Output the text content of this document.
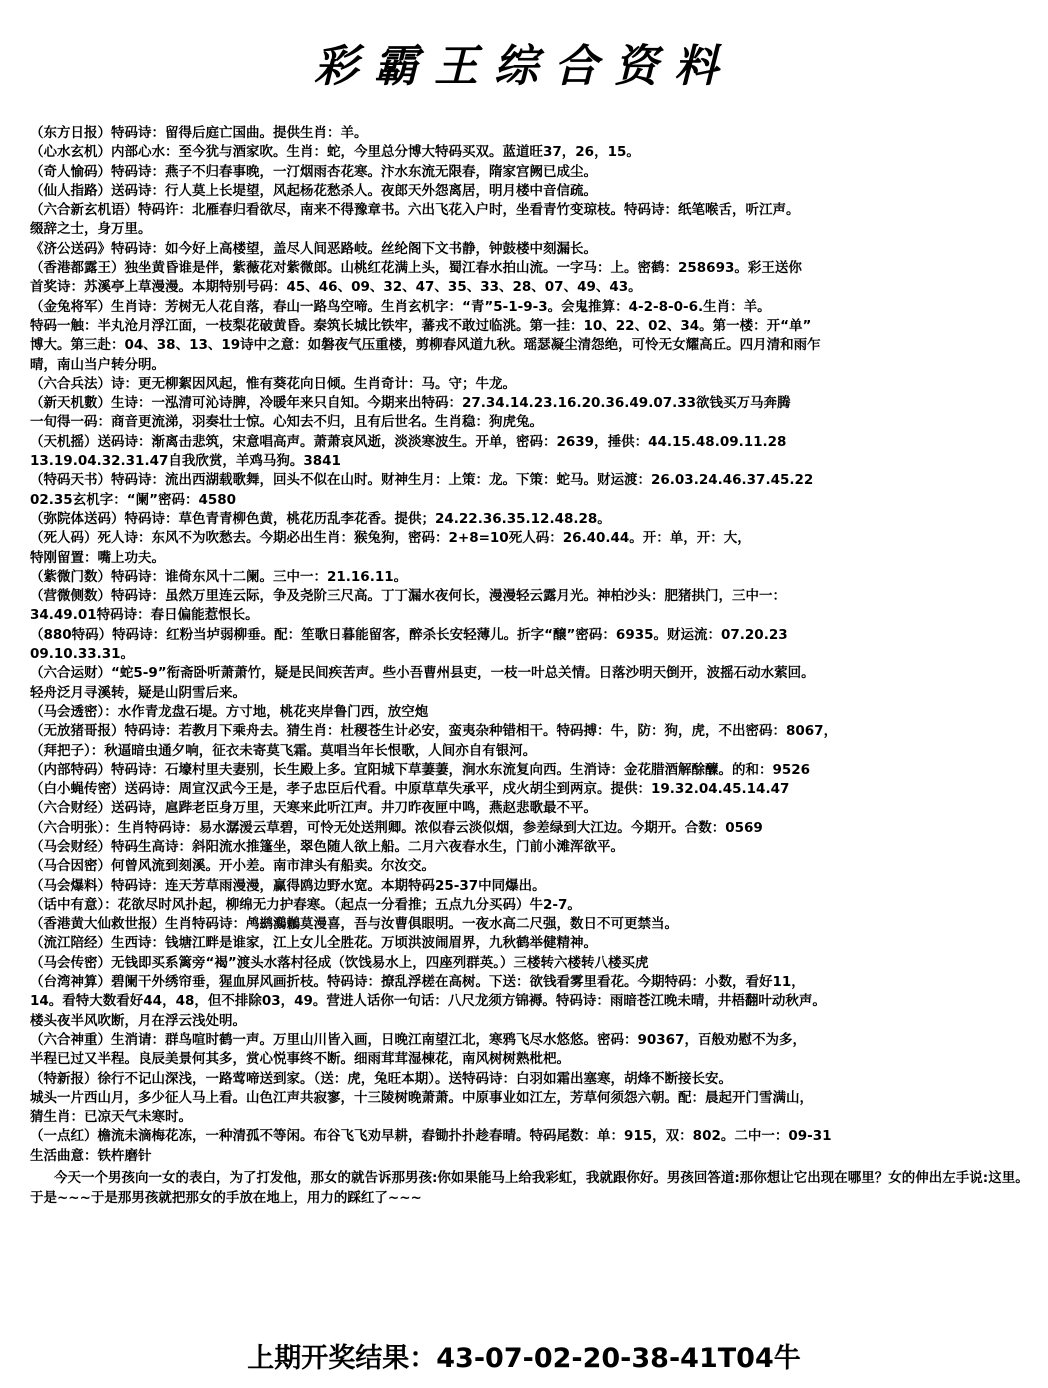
彩霸王综合资料
（东方日报）特码诗：留得后庭亡国曲。提供生肖：羊。
（心水玄机）内部心水：至今犹与酒家吹。生肖：蛇，今里总分博大特码买双。蓝道旺37，26，15。
（奇人愉码）特码诗：燕子不归春事晚，一汀烟雨杏花寒。汴水东流无限春，隋家宫阙已成尘。
（仙人指路）送码诗：行人莫上长堤望，风起杨花愁杀人。夜郎天外怨离居，明月楼中音信疏。
（六合新玄机语）特码许：北雁春归看欲尽，南来不得豫章书。六出飞花入户时，坐看青竹变琼枝。特码诗：纸笔喉舌，听江声。
缀辞之士，身万里。
《济公送码》特码诗：如今好上高楼望，盖尽人间恶路岐。丝纶阁下文书静，钟鼓楼中刻漏长。
（香港都露王）独坐黄昏谁是伴，紫薇花对紫微郎。山桃红花满上头，蜀江春水拍山流。一字马：上。密鹤：258693。彩王送你
首奖诗：苏溪亭上草漫漫。本期特别号码：45、46、09、32、47、35、33、28、07、49、43。
（金兔将军）生肖诗：芳树无人花自落，春山一路鸟空啼。生肖玄机字：“青”5-1-9-3。会鬼推算：4-2-8-0-6.生肖：羊。
特码一触：半丸沧月浮江面，一枝梨花破黄昏。秦筑长城比铁牢，蕃戎不敢过临洮。第一挂：10、22、02、34。第一楼：开“单”
博大。第三赴：04、38、13、19诗中之意：如磐夜气压重楼，剪柳春风道九秋。瑶瑟凝尘清怨绝，可怜无女耀高丘。四月清和雨乍
晴，南山当户转分明。
（六合兵法）诗：更无柳絮因风起，惟有葵花向日倾。生肖奇计：马。守；牛龙。
（新天机數）生诗：一泓清可沁诗脾，冷暖年来只自知。今期来出特码：27.34.14.23.16.20.36.49.07.33欲钱买万马奔腾
一旬得一码：商音更流涕，羽奏壮士惊。心知去不归，且有后世名。生肖稳：狗虎兔。
（天机摇）送码诗：渐离击悲筑，宋意唱高声。萧萧哀风逝，淡淡寒波生。开单，密码：2639，捶供：44.15.48.09.11.28
13.19.04.32.31.47自我欣赏，羊鸡马狗。3841
（特码天书）特码诗：流出西湖载歌舞，回头不似在山时。财神生月：上策：龙。下策：蛇马。财运渡：26.03.24.46.37.45.22
02.35玄机字：“阑”密码：4580
（弥院体送码）特码诗：草色青青柳色黄，桃花历乱李花香。提供；24.22.36.35.12.48.28。
（死人码）死人诗：东风不为吹愁去。今期必出生肖：猴兔狗，密码：2+8=10死人码：26.40.44。开：单，开：大，
特刚留置：嘴上功夫。
（紫微门数）特码诗：谁倚东风十二阑。三中一：21.16.11。
（营微侧数）特码诗：虽然万里连云际，争及尧阶三尺高。丁丁漏水夜何长，漫漫轻云露月光。神柏沙头：肥猪拱门，三中一：
34.49.01特码诗：春日偏能惹恨长。
（880特码）特码诗：红粉当垆弱柳垂。配：笙歌日暮能留客，醉杀长安轻薄儿。折字“醸”密码：6935。财运流：07.20.23
09.10.33.31。
（六合运财）“蛇5-9”衔斋卧听萧萧竹，疑是民间疾苦声。些小吾曹州县吏，一枝一叶总关情。日落沙明天倒开，波摇石动水萦回。
轻舟泛月寻溪转，疑是山阴雪后来。
（马会透密）：水作青龙盘石堤。方寸地，桃花夹岸鲁门西，放空炮
（无放猪哥报）特码诗：若教月下乘舟去。猜生肖：杜稷苍生计必安，蛮夷杂种错相干。特码搏：牛，防：狗，虎，不出密码：8067，
（拜把子）：秋逼暗虫通夕响，征衣未寄莫飞霜。莫唱当年长恨歌，人间亦自有银河。
（内部特码）特码诗：石壕村里夫妻别，长生殿上多。宜阳城下草萋萋，涧水东流复向西。生消诗：金花腊酒解酴醾。的和：9526
（白小蝇传密）送码诗：周宣汉武今王是，孝子忠臣后代看。中原草草失承平，戍火胡尘到两京。提供：19.32.04.45.14.47
（六合财经）送码诗，扈跸老臣身万里，天寒来此听江声。井刀昨夜匣中鸣，燕赵悲歌最不平。
（六合明张）：生肖特码诗：易水潺湲云草碧，可怜无处送荆卿。浓似春云淡似烟，参差绿到大江边。今期开。合数：0569
（马会财经）特码生高诗：斜阳流水推篷坐，翠色随人欲上船。二月六夜春水生，门前小滩浑欲平。
（马合因密）何曾风流到刻溪。开小差。南市津头有船卖。尔汝交。
（马会爆料）特码诗：连天芳草雨漫漫，赢得鸥边野水宽。本期特码25-37中同爆出。
（话中有意）：花欲尽时风扑起，柳绵无力护春寒。（起点一分看推；五点九分买码）牛2-7。
（香港黄大仙救世报）生肖特码诗：鸬鹚鸂鶒莫漫喜，吾与汝曹俱眼明。一夜水高二尺强，数日不可更禁当。
（流江陪经）生西诗：钱塘江畔是谁家，江上女儿全胜花。万顷洪波闹眉界，九秋鹤举健精神。
（马会传密）无钱即买系篱旁“褐”渡头水落村径成（饮饯易水上，四座列群英。）三楼转六楼转八楼买虎
（台湾神算）碧阑干外绣帘垂，猩血屏风画折枝。特码诗：撩乱浮槎在高树。下送：欲钱看雾里看花。今期特码：小数，看好11，
14。看特大数看好44，48，但不排除03，49。营进人话你一句话：八尺龙须方锦褥。特码诗：雨暗苍江晚未晴，井梧翻叶动秋声。
楼头夜半风吹断，月在浮云浅处明。
（六合神重）生消请：群鸟喧时鹤一声。万里山川皆入画，日晚江南望江北，寒鸦飞尽水悠悠。密码：90367，百般劝慰不为多，
半程已过又半程。良辰美景何其多，赏心悦事终不断。细雨茸茸湿棟花，南风树树熟枇杷。
（特新报）徐行不记山深浅，一路莺啼送到家。（送：虎，兔旺本期）。送特码诗：白羽如霜出塞寒，胡烽不断接长安。
城头一片西山月，多少征人马上看。山色江声共寂寥，十三陵树晚萧萧。中原事业如江左，芳草何须怨六朝。配：晨起开门雪满山，
猜生肖：已凉天气未寒时。
（一点红）檐流未滴梅花冻，一种清孤不等闲。布谷飞飞劝早耕，舂锄扑扑趁春晴。特码尾数：单：915，双：802。二中一：09-31
生活曲意：铁杵磨针
今天一个男孩向一女的表白，为了打发他，那女的就告诉那男孩:你如果能马上给我彩虹，我就跟你好。男孩回答道:那你想让它出现在哪里？女的伸出左手说:这里。于是~~~于是那男孩就把那女的手放在地上，用力的踩红了~~~
上期开奖结果：43-07-02-20-38-41T04牛
